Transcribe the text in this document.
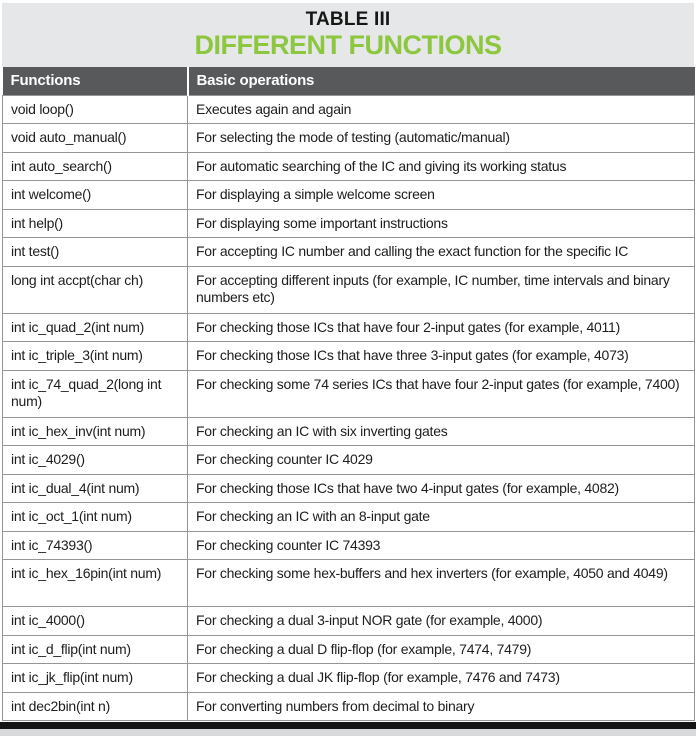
TABLE III
DIFFERENT FUNCTIONS
Functions	Basic operations
void loop()	Executes again and again
void auto_manual()	For selecting the mode of testing (automatic/manual)
int auto_search()	For automatic searching of the IC and giving its working status
int welcome()	For displaying a simple welcome screen
int help()	For displaying some important instructions
int test()	For accepting IC number and calling the exact function for the specific IC
long int accpt(char ch)	For accepting different inputs (for example, IC number, time intervals and binary numbers etc)
int ic_quad_2(int num)	For checking those ICs that have four 2-input gates (for example, 4011)
int ic_triple_3(int num)	For checking those ICs that have three 3-input gates (for example, 4073)
int ic_74_quad_2(long int num)	For checking some 74 series ICs that have four 2-input gates (for example, 7400)
int ic_hex_inv(int num)	For checking an IC with six inverting gates
int ic_4029()	For checking counter IC 4029
int ic_dual_4(int num)	For checking those ICs that have two 4-input gates (for example, 4082)
int ic_oct_1(int num)	For checking an IC with an 8-input gate
int ic_74393()	For checking counter IC 74393
int ic_hex_16pin(int num)	For checking some hex-buffers and hex inverters (for example, 4050 and 4049)
int ic_4000()	For checking a dual 3-input NOR gate (for example, 4000)
int ic_d_flip(int num)	For checking a dual D flip-flop (for example, 7474, 7479)
int ic_jk_flip(int num)	For checking a dual JK flip-flop (for example, 7476 and 7473)
int dec2bin(int n)	For converting numbers from decimal to binary
